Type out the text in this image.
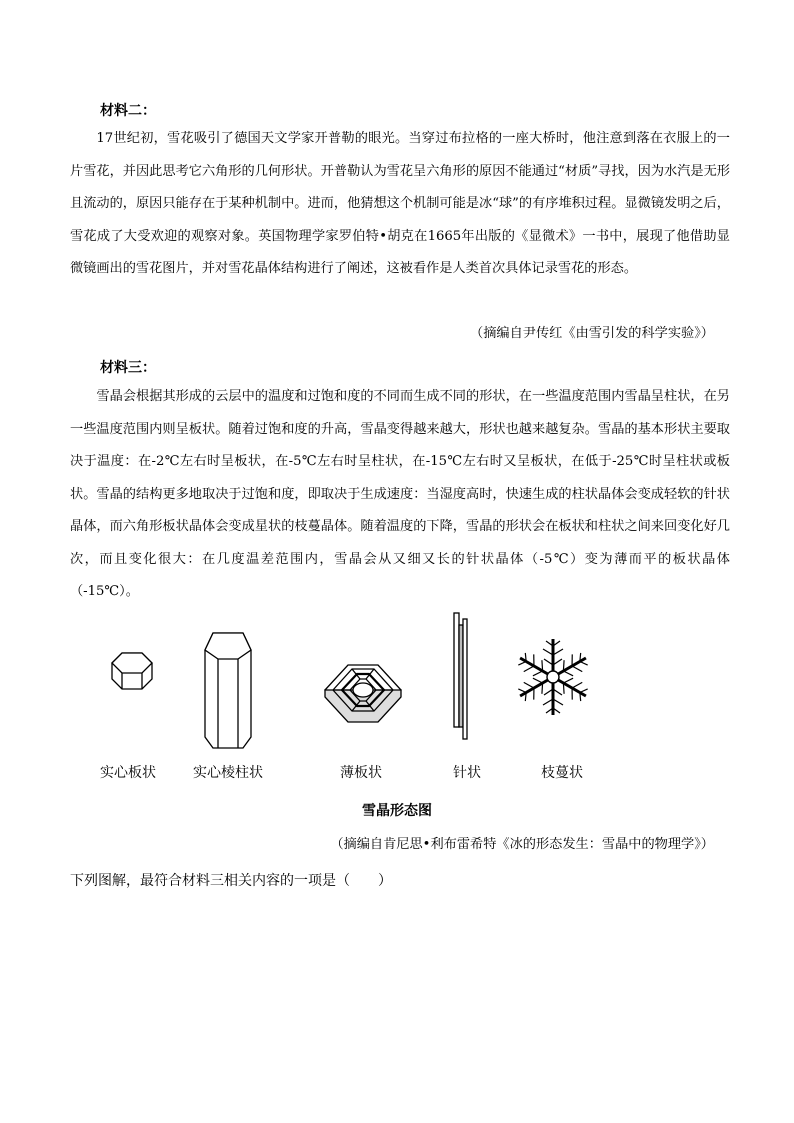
材料二：

17世纪初，雪花吸引了德国天文学家开普勒的眼光。当穿过布拉格的一座大桥时，他注意到落在衣服上的一片雪花，并因此思考它六角形的几何形状。开普勒认为雪花呈六角形的原因不能通过“材质”寻找，因为水汽是无形且流动的，原因只能存在于某种机制中。进而，他猜想这个机制可能是冰“球”的有序堆积过程。显微镜发明之后，雪花成了大受欢迎的观察对象。英国物理学家罗伯特•胡克在1665年出版的《显微术》一书中，展现了他借助显微镜画出的雪花图片，并对雪花晶体结构进行了阐述，这被看作是人类首次具体记录雪花的形态。

（摘编自尹传红《由雪引发的科学实验》）
材料三：

雪晶会根据其形成的云层中的温度和过饱和度的不同而生成不同的形状，在一些温度范围内雪晶呈柱状，在另一些温度范围内则呈板状。随着过饱和度的升高，雪晶变得越来越大，形状也越来越复杂。雪晶的基本形状主要取决于温度：在-2℃左右时呈板状，在-5℃左右时呈柱状，在-15℃左右时又呈板状，在低于-25℃时呈柱状或板状。雪晶的结构更多地取决于过饱和度，即取决于生成速度：当湿度高时，快速生成的柱状晶体会变成轻软的针状晶体，而六角形板状晶体会变成星状的枝蔓晶体。随着温度的下降，雪晶的形状会在板状和柱状之间来回变化好几次，而且变化很大：在几度温差范围内，雪晶会从又细又长的针状晶体（-5℃）变为薄而平的板状晶体（-15℃）。

实心板状	实心棱柱状	薄板状	针状	枝蔓状
雪晶形态图
（摘编自肯尼思•利布雷希特《冰的形态发生：雪晶中的物理学》）
下列图解，最符合材料三相关内容的一项是（　　）
